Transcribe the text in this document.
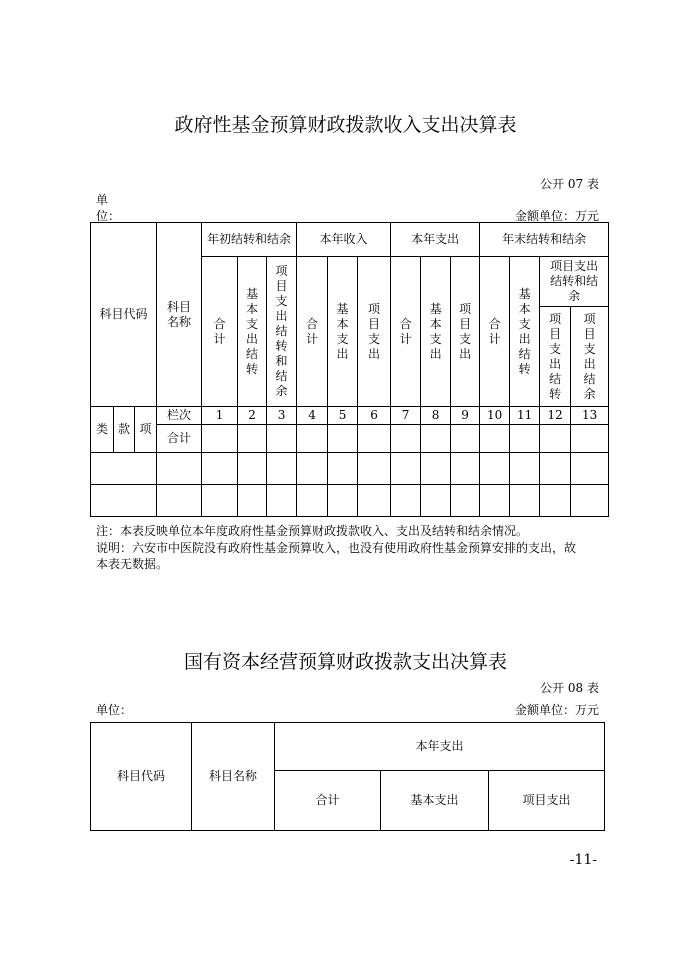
政府性基金预算财政拨款收入支出决算表
公开 07 表
单位：	金额单位：万元
科目代码			科目名称	年初结转和结余			本年收入			本年支出			年末结转和结余			

				合计	基本支出结转	项目支出结转和结余	合计	基本支出	项目支出	合计	基本支出	项目支出	合计	基本支出结转	项目支出结转和结余	

															项目支出结转	项目支出结余

类	款	项	栏次	1	2	3	4	5	6	7	8	9	10	11	12	13
			合计													

注：本表反映单位本年度政府性基金预算财政拨款收入、支出及结转和结余情况。
说明：六安市中医院没有政府性基金预算收入，也没有使用政府性基金预算安排的支出，故
本表无数据。
国有资本经营预算财政拨款支出决算表
公开 08 表
单位：	金额单位：万元
科目代码	科目名称	本年支出		
		合计	基本支出	项目支出
-11-
